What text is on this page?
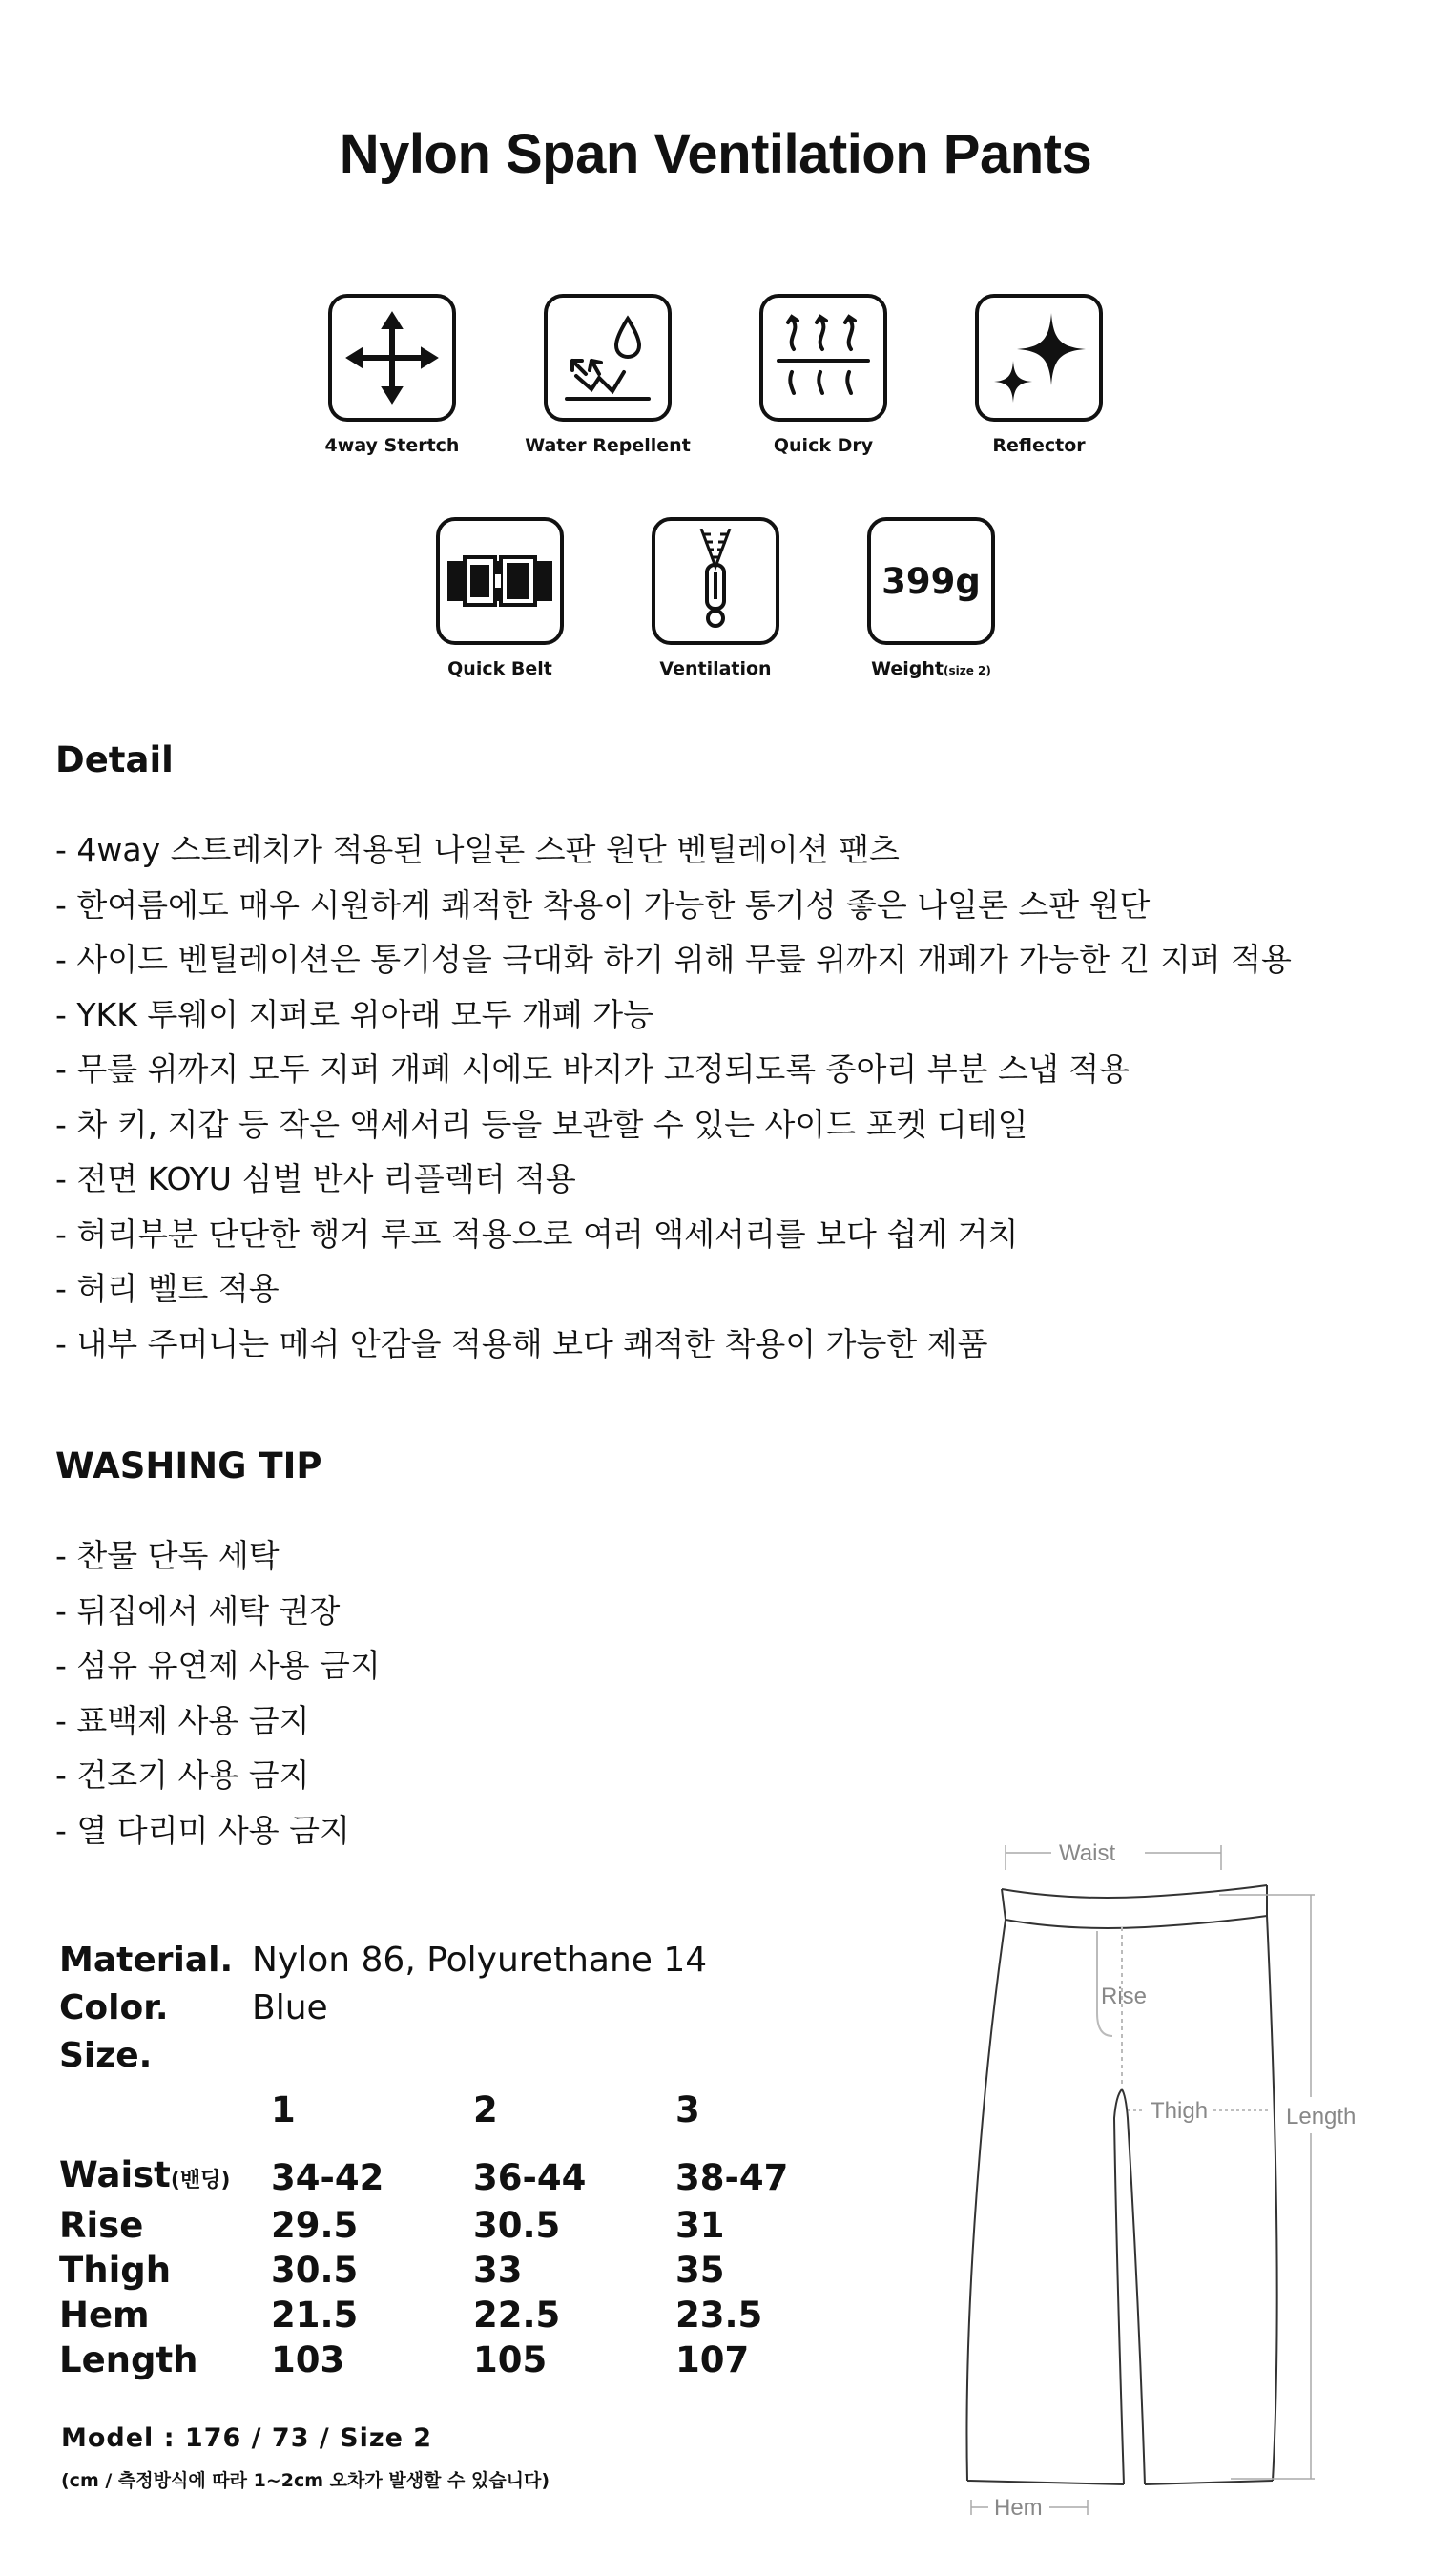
Nylon Span Ventilation Pants
4way Stertch	Water Repellent	Quick Dry	Reflector
Quick Belt	Ventilation
399g
Weight(size 2)
Detail
- 4way 스트레치가 적용된 나일론 스판 원단 벤틸레이션 팬츠
- 한여름에도 매우 시원하게 쾌적한 착용이 가능한 통기성 좋은 나일론 스판 원단
- 사이드 벤틸레이션은 통기성을 극대화 하기 위해 무릎 위까지 개폐가 가능한 긴 지퍼 적용
- YKK 투웨이 지퍼로 위아래 모두 개폐 가능
- 무릎 위까지 모두 지퍼 개폐 시에도 바지가 고정되도록 종아리 부분 스냅 적용
- 차 키, 지갑 등 작은 액세서리 등을 보관할 수 있는 사이드 포켓 디테일
- 전면 KOYU 심벌 반사 리플렉터 적용
- 허리부분 단단한 행거 루프 적용으로 여러 액세서리를 보다 쉽게 거치
- 허리 벨트 적용
- 내부 주머니는 메쉬 안감을 적용해 보다 쾌적한 착용이 가능한 제품
WASHING TIP
- 찬물 단독 세탁
- 뒤집에서 세탁 권장
- 섬유 유연제 사용 금지
- 표백제 사용 금지
- 건조기 사용 금지
- 열 다리미 사용 금지
Material. Nylon 86, Polyurethane 14
Color. Blue
Size.
	1	2	3

Waist(밴딩)	34-42	36-44	38-47
Rise	29.5	30.5	31
Thigh	30.5	33	35
Hem	21.5	22.5	23.5
Length	103	105	107
Model : 176 / 73 / Size 2
(cm / 측정방식에 따라 1~2cm 오차가 발생할 수 있습니다)
Waist
Rise
Thigh	Length
Hem
